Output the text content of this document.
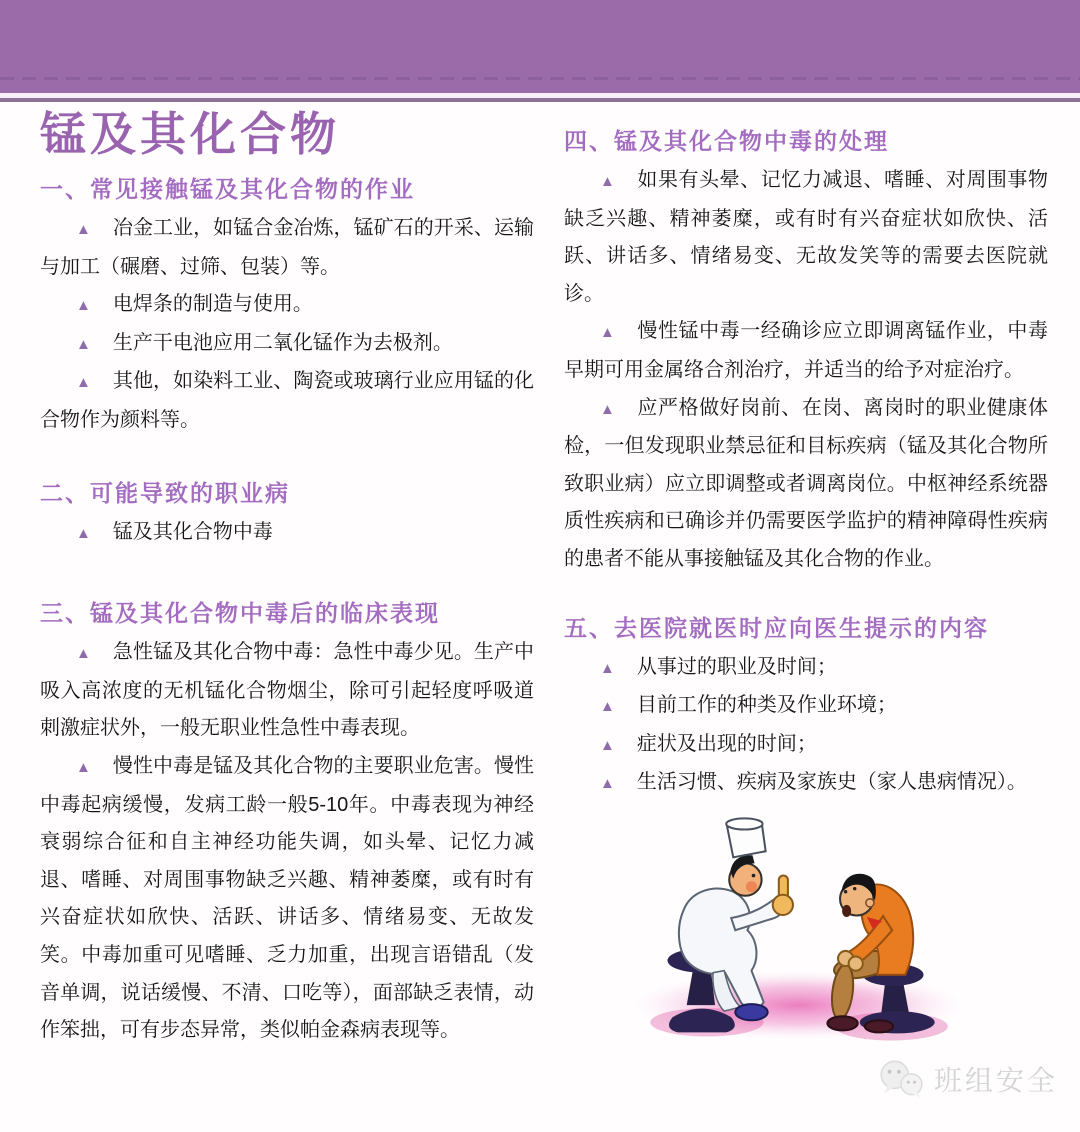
锰及其化合物
一、常见接触锰及其化合物的作业

▲ 冶金工业，如锰合金冶炼，锰矿石的开采、运输与加工（碾磨、过筛、包装）等。

▲ 电焊条的制造与使用。

▲ 生产干电池应用二氧化锰作为去极剂。

▲ 其他，如染料工业、陶瓷或玻璃行业应用锰的化合物作为颜料等。

二、可能导致的职业病

▲ 锰及其化合物中毒

三、锰及其化合物中毒后的临床表现

▲ 急性锰及其化合物中毒：急性中毒少见。生产中吸入高浓度的无机锰化合物烟尘，除可引起轻度呼吸道刺激症状外，一般无职业性急性中毒表现。

▲ 慢性中毒是锰及其化合物的主要职业危害。慢性中毒起病缓慢，发病工龄一般5-10年。中毒表现为神经衰弱综合征和自主神经功能失调，如头晕、记忆力减退、嗜睡、对周围事物缺乏兴趣、精神萎糜，或有时有兴奋症状如欣快、活跃、讲话多、情绪易变、无故发笑。中毒加重可见嗜睡、乏力加重，出现言语错乱（发音单调，说话缓慢、不清、口吃等），面部缺乏表情，动作笨拙，可有步态异常，类似帕金森病表现等。

四、锰及其化合物中毒的处理

▲ 如果有头晕、记忆力减退、嗜睡、对周围事物缺乏兴趣、精神萎糜，或有时有兴奋症状如欣快、活跃、讲话多、情绪易变、无故发笑等的需要去医院就诊。

▲ 慢性锰中毒一经确诊应立即调离锰作业，中毒早期可用金属络合剂治疗，并适当的给予对症治疗。

▲ 应严格做好岗前、在岗、离岗时的职业健康体检，一但发现职业禁忌征和目标疾病（锰及其化合物所致职业病）应立即调整或者调离岗位。中枢神经系统器质性疾病和已确诊并仍需要医学监护的精神障碍性疾病的患者不能从事接触锰及其化合物的作业。

五、去医院就医时应向医生提示的内容

▲ 从事过的职业及时间；

▲ 目前工作的种类及作业环境；

▲ 症状及出现的时间；

▲ 生活习惯、疾病及家族史（家人患病情况）。

班组安全
